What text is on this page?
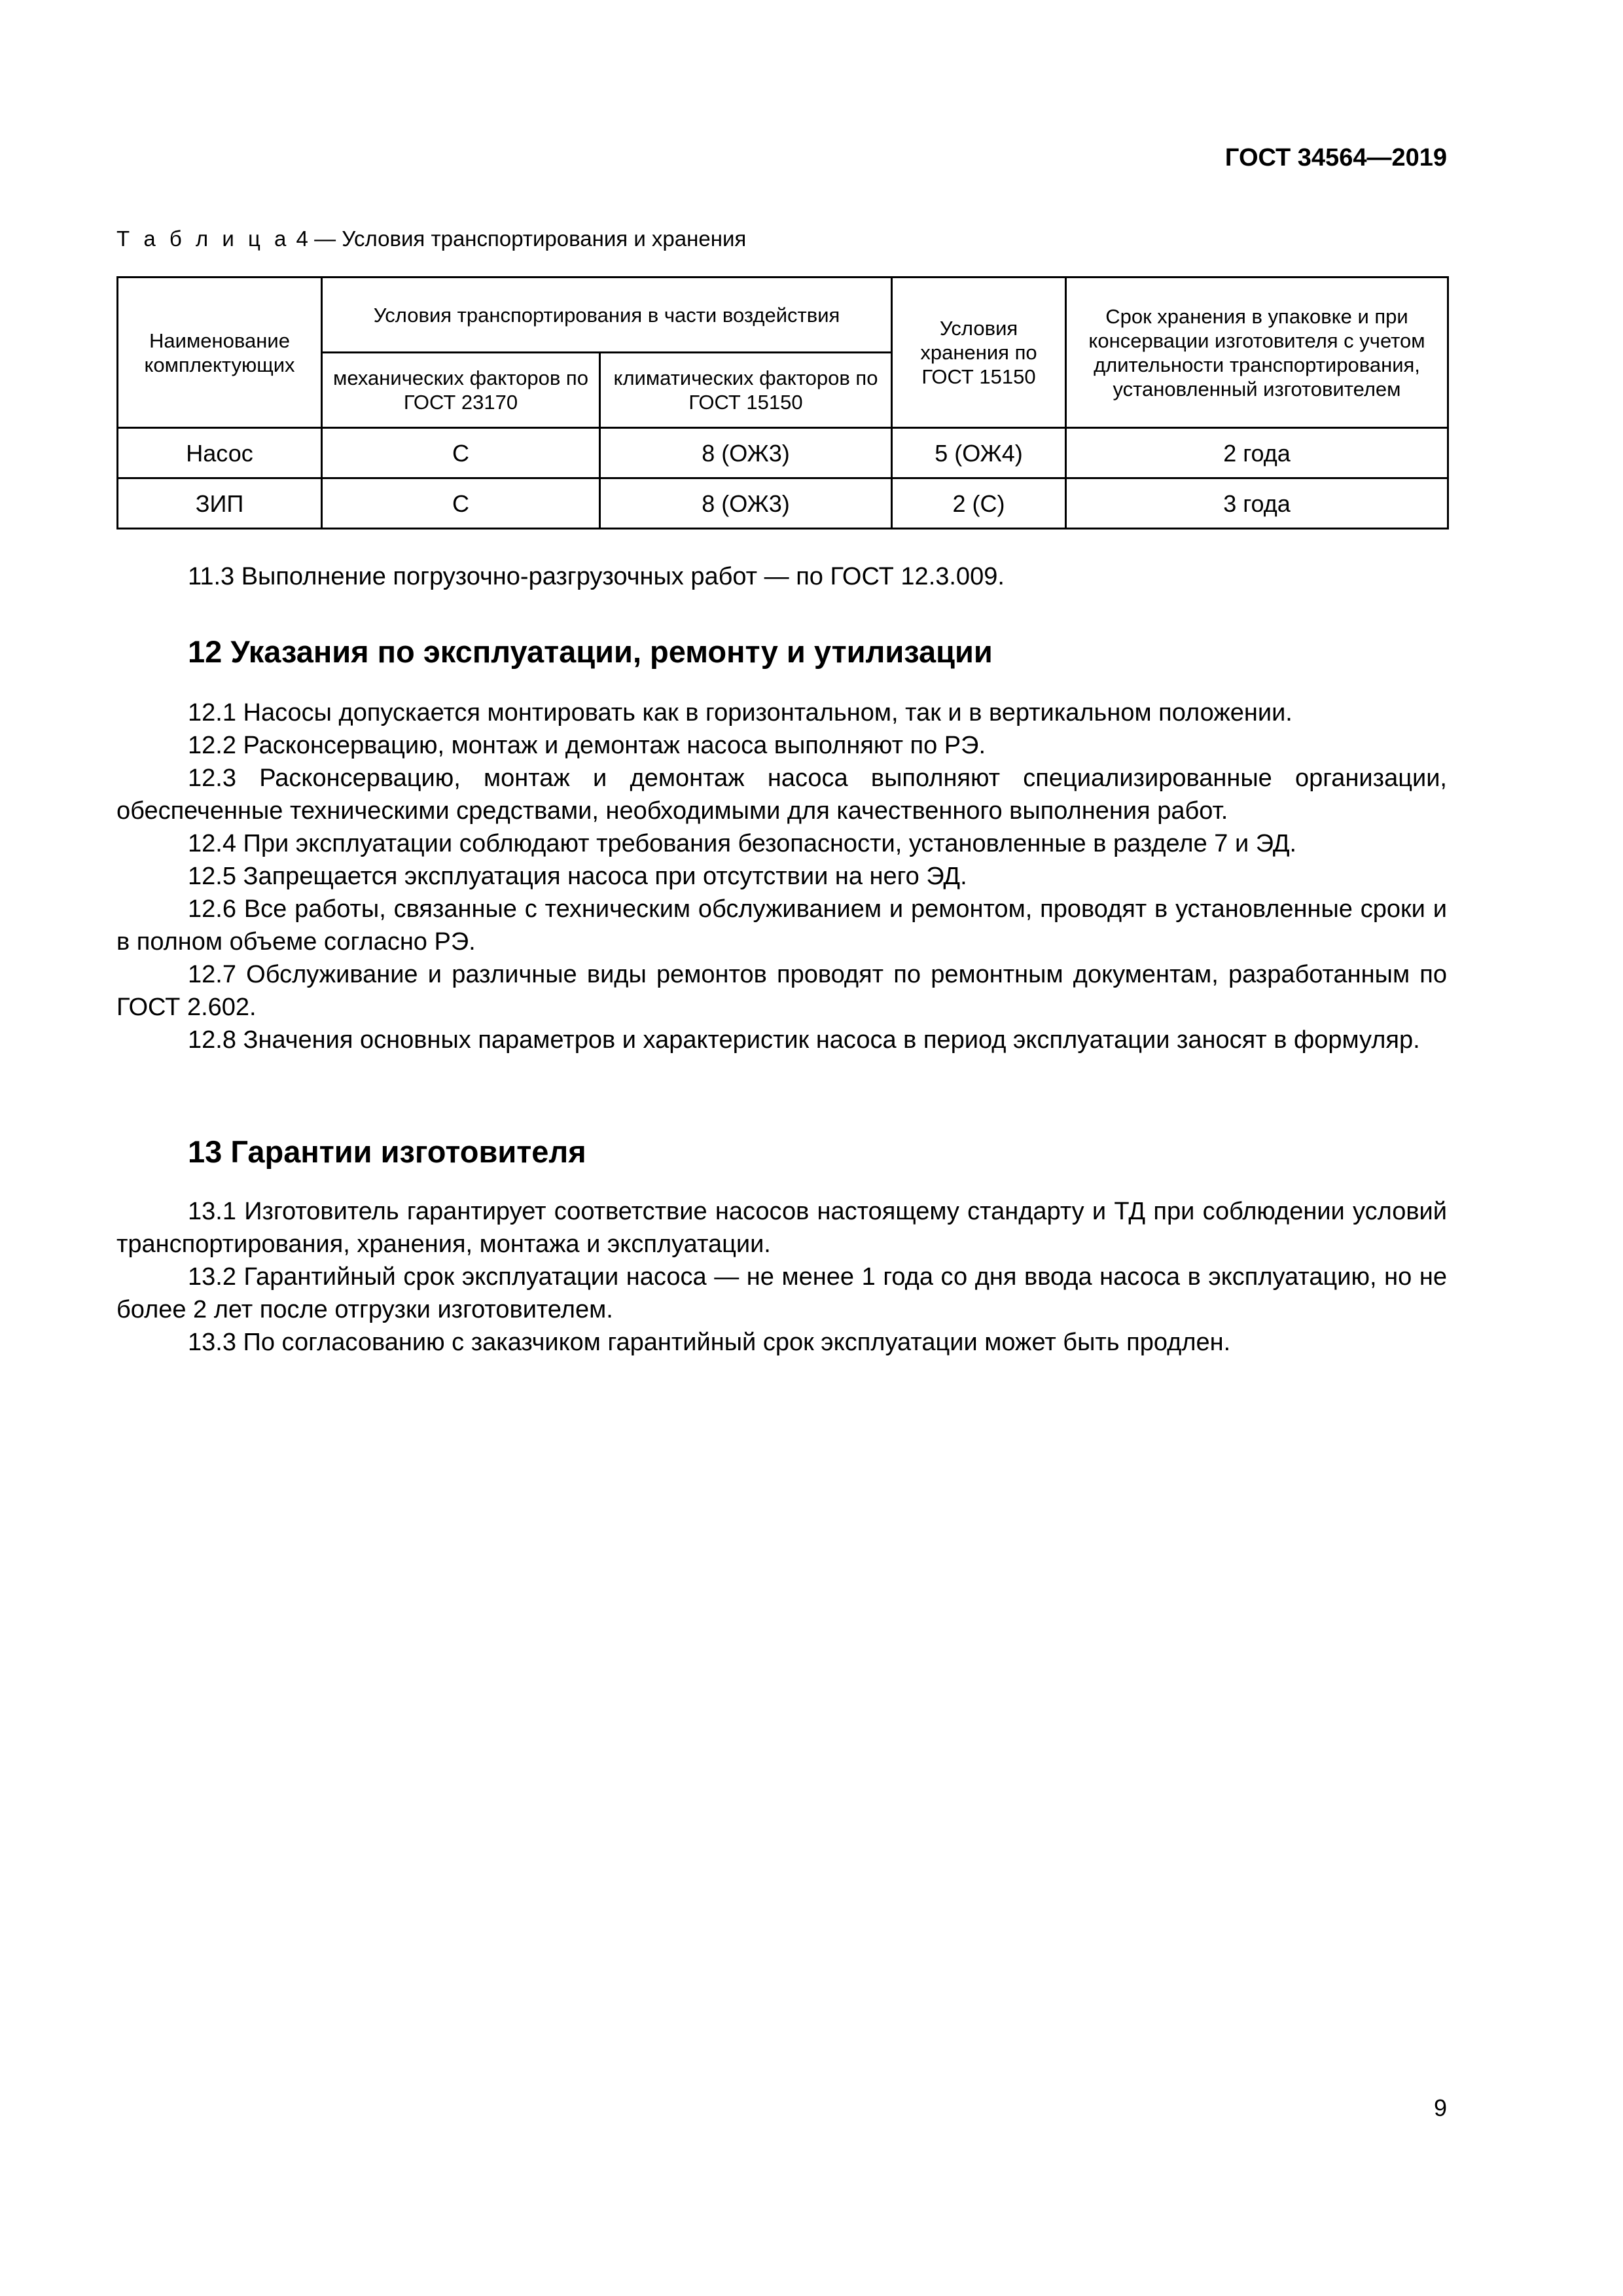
ГОСТ 34564—2019
Т а б л и ц а 4 — Условия транспортирования и хранения
Наименование комплектующих	Условия транспортирования в части воздействия		Условия хранения по ГОСТ 15150	Срок хранения в упаковке и при консервации изготовителя с учетом длительности транспортирования, установленный изготовителем
	механических факторов по ГОСТ 23170	климатических факторов по ГОСТ 15150		
Насос	С	8 (ОЖ3)	5 (ОЖ4)	2 года
ЗИП	С	8 (ОЖ3)	2 (С)	3 года
11.3 Выполнение погрузочно-разгрузочных работ — по ГОСТ 12.3.009.
12 Указания по эксплуатации, ремонту и утилизации
12.1 Насосы допускается монтировать как в горизонтальном, так и в вертикальном положении.
12.2 Расконсервацию, монтаж и демонтаж насоса выполняют по РЭ.
12.3 Расконсервацию, монтаж и демонтаж насоса выполняют специализированные организации, обеспеченные техническими средствами, необходимыми для качественного выполнения работ.
12.4 При эксплуатации соблюдают требования безопасности, установленные в разделе 7 и ЭД.
12.5 Запрещается эксплуатация насоса при отсутствии на него ЭД.
12.6 Все работы, связанные с техническим обслуживанием и ремонтом, проводят в установленные сроки и в полном объеме согласно РЭ.
12.7 Обслуживание и различные виды ремонтов проводят по ремонтным документам, разработанным по ГОСТ 2.602.
12.8 Значения основных параметров и характеристик насоса в период эксплуатации заносят в формуляр.
13 Гарантии изготовителя
13.1 Изготовитель гарантирует соответствие насосов настоящему стандарту и ТД при соблюдении условий транспортирования, хранения, монтажа и эксплуатации.
13.2 Гарантийный срок эксплуатации насоса — не менее 1 года со дня ввода насоса в эксплуатацию, но не более 2 лет после отгрузки изготовителем.
13.3 По согласованию с заказчиком гарантийный срок эксплуатации может быть продлен.
9
